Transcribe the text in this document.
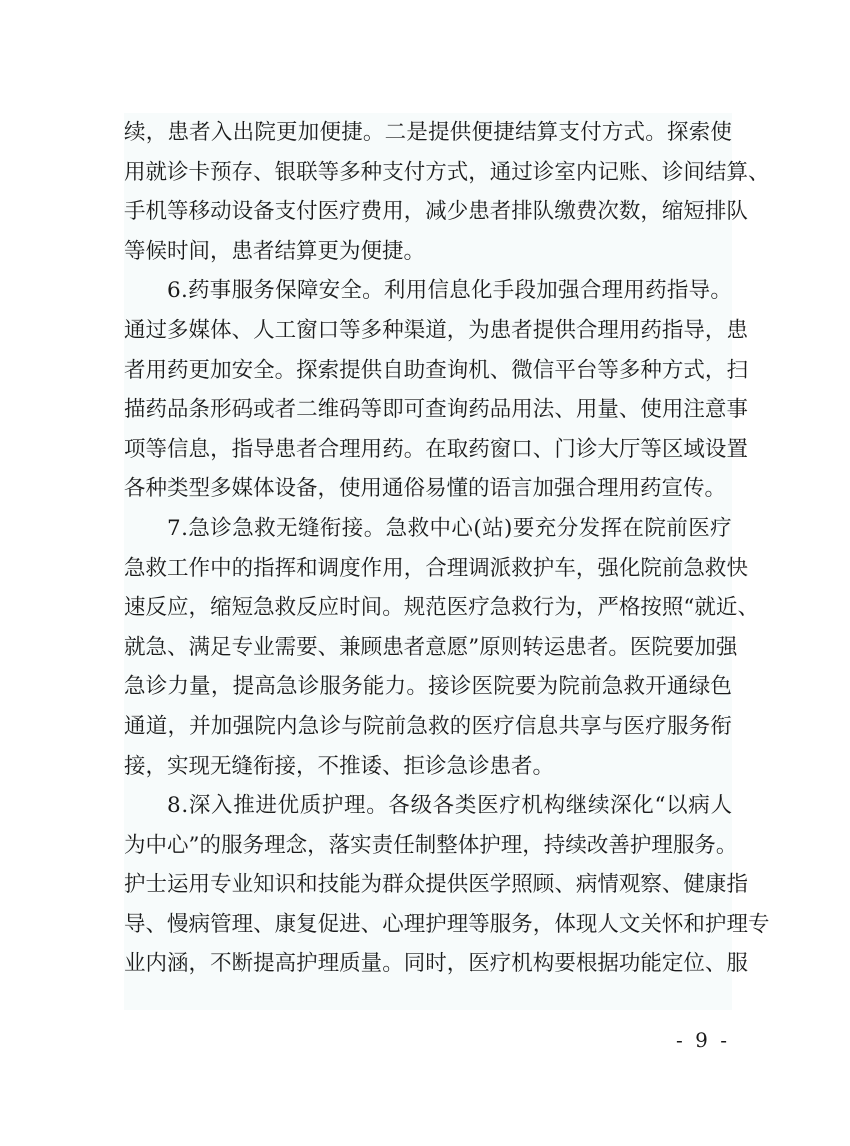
续 ， 患 者 入 出 院 更 加 便 捷 。 二 是 提 供 便 捷 结 算 支 付 方 式 。 探 索 使
用 就 诊 卡 预 存 、 银 联 等 多 种 支 付 方 式 ， 通 过 诊 室 内 记 账 、 诊 间 结 算 、
手 机 等 移 动 设 备 支 付 医 疗 费 用 ， 减 少 患 者 排 队 缴 费 次 数 ， 缩 短 排 队
等候时间，患者结算更为便捷。
6 . 药 事 服 务 保 障 安 全 。 利 用 信 息 化 手 段 加 强 合 理 用 药 指 导 。
通 过 多 媒 体 、 人 工 窗 口 等 多 种 渠 道 ， 为 患 者 提 供 合 理 用 药 指 导 ， 患
者 用 药 更 加 安 全 。 探 索 提 供 自 助 查 询 机 、 微 信 平 台 等 多 种 方 式 ， 扫
描 药 品 条 形 码 或 者 二 维 码 等 即 可 查 询 药 品 用 法 、 用 量 、 使 用 注 意 事
项 等 信 息 ， 指 导 患 者 合 理 用 药 。 在 取 药 窗 口 、 门 诊 大 厅 等 区 域 设 置
各种类型多媒体设备，使用通俗易懂的语言加强合理用药宣传。
7 . 急 诊 急 救 无 缝 衔 接 。 急 救 中 心 ( 站 ) 要 充 分 发 挥 在 院 前 医 疗
急 救 工 作 中 的 指 挥 和 调 度 作 用 ， 合 理 调 派 救 护 车 ， 强 化 院 前 急 救 快
速 反 应 ， 缩 短 急 救 反 应 时 间 。 规 范 医 疗 急 救 行 为 ， 严 格 按 照 “ 就 近 、
就 急 、 满 足 专 业 需 要 、 兼 顾 患 者 意 愿 ” 原 则 转 运 患 者 。 医 院 要 加 强
急 诊 力 量 ， 提 高 急 诊 服 务 能 力 。 接 诊 医 院 要 为 院 前 急 救 开 通 绿 色
通 道 ， 并 加 强 院 内 急 诊 与 院 前 急 救 的 医 疗 信 息 共 享 与 医 疗 服 务 衔
接，实现无缝衔接，不推诿、拒诊急诊患者。
8 . 深 入 推 进 优 质 护 理 。 各 级 各 类 医 疗 机 构 继 续 深 化 “ 以 病 人
为 中 心 ” 的 服 务 理 念 ， 落 实 责 任 制 整 体 护 理 ， 持 续 改 善 护 理 服 务 。
护 士 运 用 专 业 知 识 和 技 能 为 群 众 提 供 医 学 照 顾 、 病 情 观 察 、 健 康 指
导 、 慢 病 管 理 、 康 复 促 进 、 心 理 护 理 等 服 务 ， 体 现 人 文 关 怀 和 护 理 专
业 内 涵 ， 不 断 提 高 护 理 质 量 。 同 时 ， 医 疗 机 构 要 根 据 功 能 定 位 、 服
- 9 -
